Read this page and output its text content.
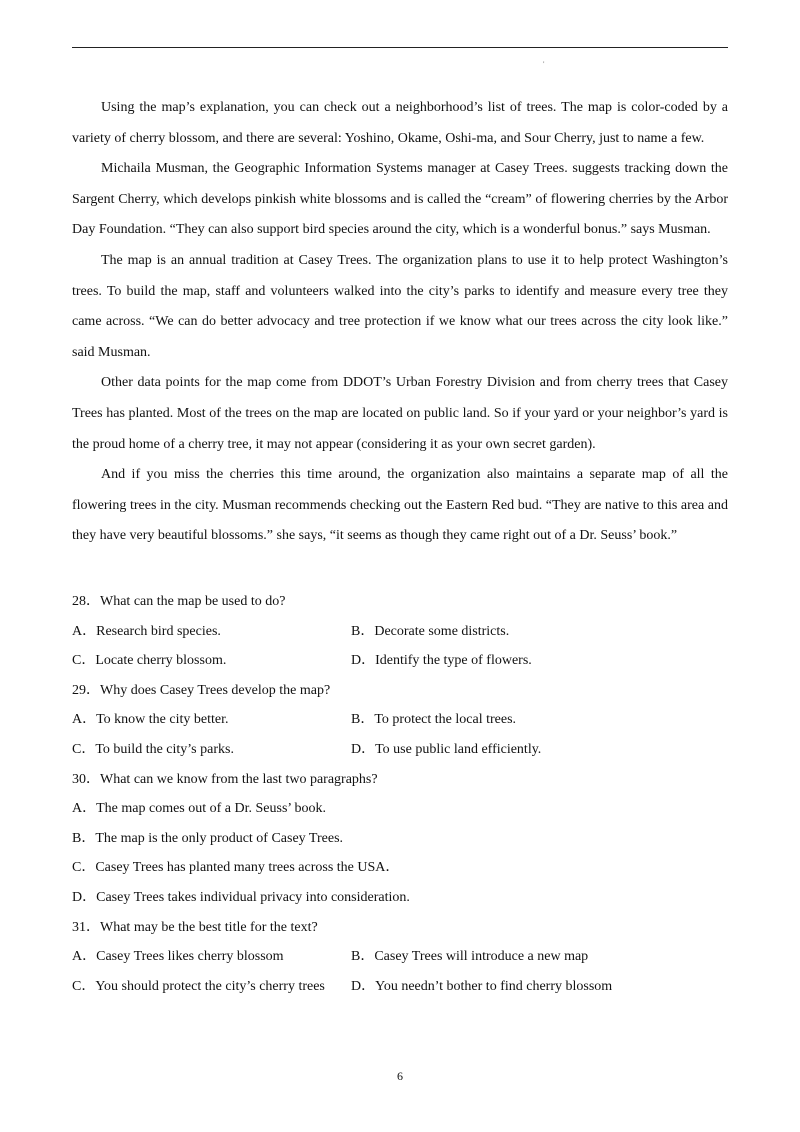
,

Using the map’s explanation, you can check out a neighborhood’s list of trees. The map is color-coded by a variety of cherry blossom, and there are several: Yoshino, Okame, Oshi-ma, and Sour Cherry, just to name a few.

Michaila Musman, the Geographic Information Systems manager at Casey Trees. suggests tracking down the Sargent Cherry, which develops pinkish white blossoms and is called the “cream” of flowering cherries by the Arbor Day Foundation. “They can also support bird species around the city, which is a wonderful bonus.” says Musman.

The map is an annual tradition at Casey Trees. The organization plans to use it to help protect Washington’s trees. To build the map, staff and volunteers walked into the city’s parks to identify and measure every tree they came across. “We can do better advocacy and tree protection if we know what our trees across the city look like.” said Musman.

Other data points for the map come from DDOT’s Urban Forestry Division and from cherry trees that Casey Trees has planted. Most of the trees on the map are located on public land. So if your yard or your neighbor’s yard is the proud home of a cherry tree, it may not appear (considering it as your own secret garden).

And if you miss the cherries this time around, the organization also maintains a separate map of all the flowering trees in the city. Musman recommends checking out the Eastern Red bud. “They are native to this area and they have very beautiful blossoms.” she says, “it seems as though they came right out of a Dr. Seuss’ book.”

28．What can the map be used to do?
A．Research bird species.	B．Decorate some districts.
C．Locate cherry blossom.	D．Identify the type of flowers.
29．Why does Casey Trees develop the map?
A．To know the city better.	B．To protect the local trees.
C．To build the city’s parks.	D．To use public land efficiently.
30．What can we know from the last two paragraphs?
A．The map comes out of a Dr. Seuss’ book.
B．The map is the only product of Casey Trees.
C．Casey Trees has planted many trees across the USA．
D．Casey Trees takes individual privacy into consideration.
31．What may be the best title for the text?
A．Casey Trees likes cherry blossom	B．Casey Trees will introduce a new map
C．You should protect the city’s cherry trees D．You needn’t bother to find cherry blossom
6
